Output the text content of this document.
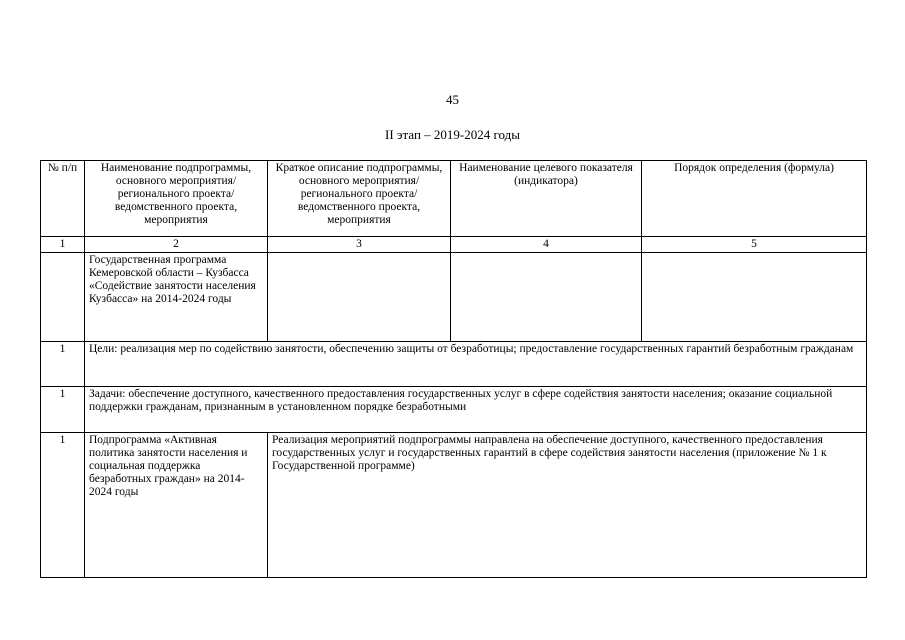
45
II этап – 2019-2024 годы
№ п/п	Наименование подпрограммы, основного мероприятия/регионального проекта/ведомственного проекта, мероприятия	Краткое описание подпрограммы, основного мероприятия/регионального проекта/ведомственного проекта, мероприятия	Наименование целевого показателя (индикатора)	Порядок определения (формула)
1	2	3	4	5
	Государственная программа Кемеровской области – Кузбасса «Содействие занятости населения Кузбасса» на 2014-2024 годы			
1	Цели: реализация мер по содействию занятости, обеспечению защиты от безработицы; предоставление государственных гарантий безработным гражданам			
1	Задачи: обеспечение доступного, качественного предоставления государственных услуг в сфере содействия занятости населения; оказание социальной поддержки гражданам, признанным в установленном порядке безработными			
1	Подпрограмма «Активная политика занятости населения и социальная поддержка безработных граждан» на 2014-2024 годы	Реализация мероприятий подпрограммы направлена на обеспечение доступного, качественного предоставления государственных услуг и государственных гарантий в сфере содействия занятости населения (приложение № 1 к Государственной программе)		
